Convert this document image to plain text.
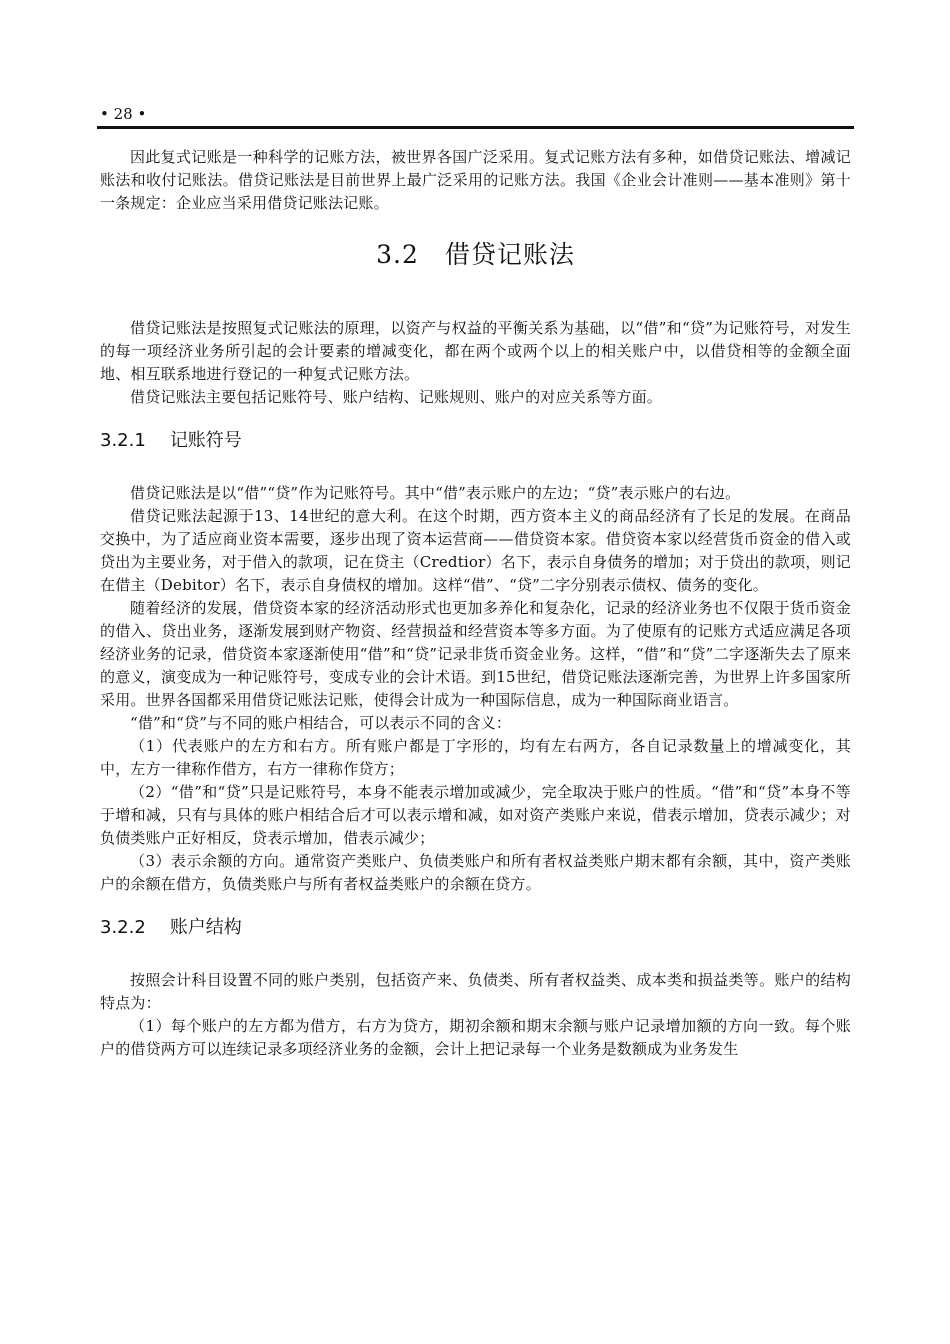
• 28 •

因此复式记账是一种科学的记账方法，被世界各国广泛采用。复式记账方法有多种，如借贷记账法、增减记账法和收付记账法。借贷记账法是目前世界上最广泛采用的记账方法。我国《企业会计准则——基本准则》第十一条规定：企业应当采用借贷记账法记账。

3.2 借贷记账法

借贷记账法是按照复式记账法的原理，以资产与权益的平衡关系为基础，以“借”和“贷”为记账符号，对发生的每一项经济业务所引起的会计要素的增减变化，都在两个或两个以上的相关账户中，以借贷相等的金额全面地、相互联系地进行登记的一种复式记账方法。

借贷记账法主要包括记账符号、账户结构、记账规则、账户的对应关系等方面。

3.2.1 记账符号

借贷记账法是以“借”“贷”作为记账符号。其中“借”表示账户的左边；“贷”表示账户的右边。

借贷记账法起源于13、14世纪的意大利。在这个时期，西方资本主义的商品经济有了长足的发展。在商品交换中，为了适应商业资本需要，逐步出现了资本运营商——借贷资本家。借贷资本家以经营货币资金的借入或贷出为主要业务，对于借入的款项，记在贷主（Credtior）名下，表示自身债务的增加；对于贷出的款项，则记在借主（Debitor）名下，表示自身债权的增加。这样“借”、“贷”二字分别表示债权、债务的变化。

随着经济的发展，借贷资本家的经济活动形式也更加多养化和复杂化，记录的经济业务也不仅限于货币资金的借入、贷出业务，逐渐发展到财产物资、经营损益和经营资本等多方面。为了使原有的记账方式适应满足各项经济业务的记录，借贷资本家逐渐使用“借”和“贷”记录非货币资金业务。这样，“借”和“贷”二字逐渐失去了原来的意义，演变成为一种记账符号，变成专业的会计术语。到15世纪，借贷记账法逐渐完善，为世界上许多国家所采用。世界各国都采用借贷记账法记账，使得会计成为一种国际信息，成为一种国际商业语言。

“借”和“贷”与不同的账户相结合，可以表示不同的含义：

（1）代表账户的左方和右方。所有账户都是丁字形的，均有左右两方，各自记录数量上的增减变化，其中，左方一律称作借方，右方一律称作贷方；

（2）“借”和“贷”只是记账符号，本身不能表示增加或减少，完全取决于账户的性质。“借”和“贷”本身不等于增和减，只有与具体的账户相结合后才可以表示增和减，如对资产类账户来说，借表示增加，贷表示减少；对负债类账户正好相反，贷表示增加，借表示减少；

（3）表示余额的方向。通常资产类账户、负债类账户和所有者权益类账户期末都有余额，其中，资产类账户的余额在借方，负债类账户与所有者权益类账户的余额在贷方。

3.2.2 账户结构

按照会计科目设置不同的账户类别，包括资产来、负债类、所有者权益类、成本类和损益类等。账户的结构特点为：

（1）每个账户的左方都为借方，右方为贷方，期初余额和期末余额与账户记录增加额的方向一致。每个账户的借贷两方可以连续记录多项经济业务的金额，会计上把记录每一个业务是数额成为业务发生
